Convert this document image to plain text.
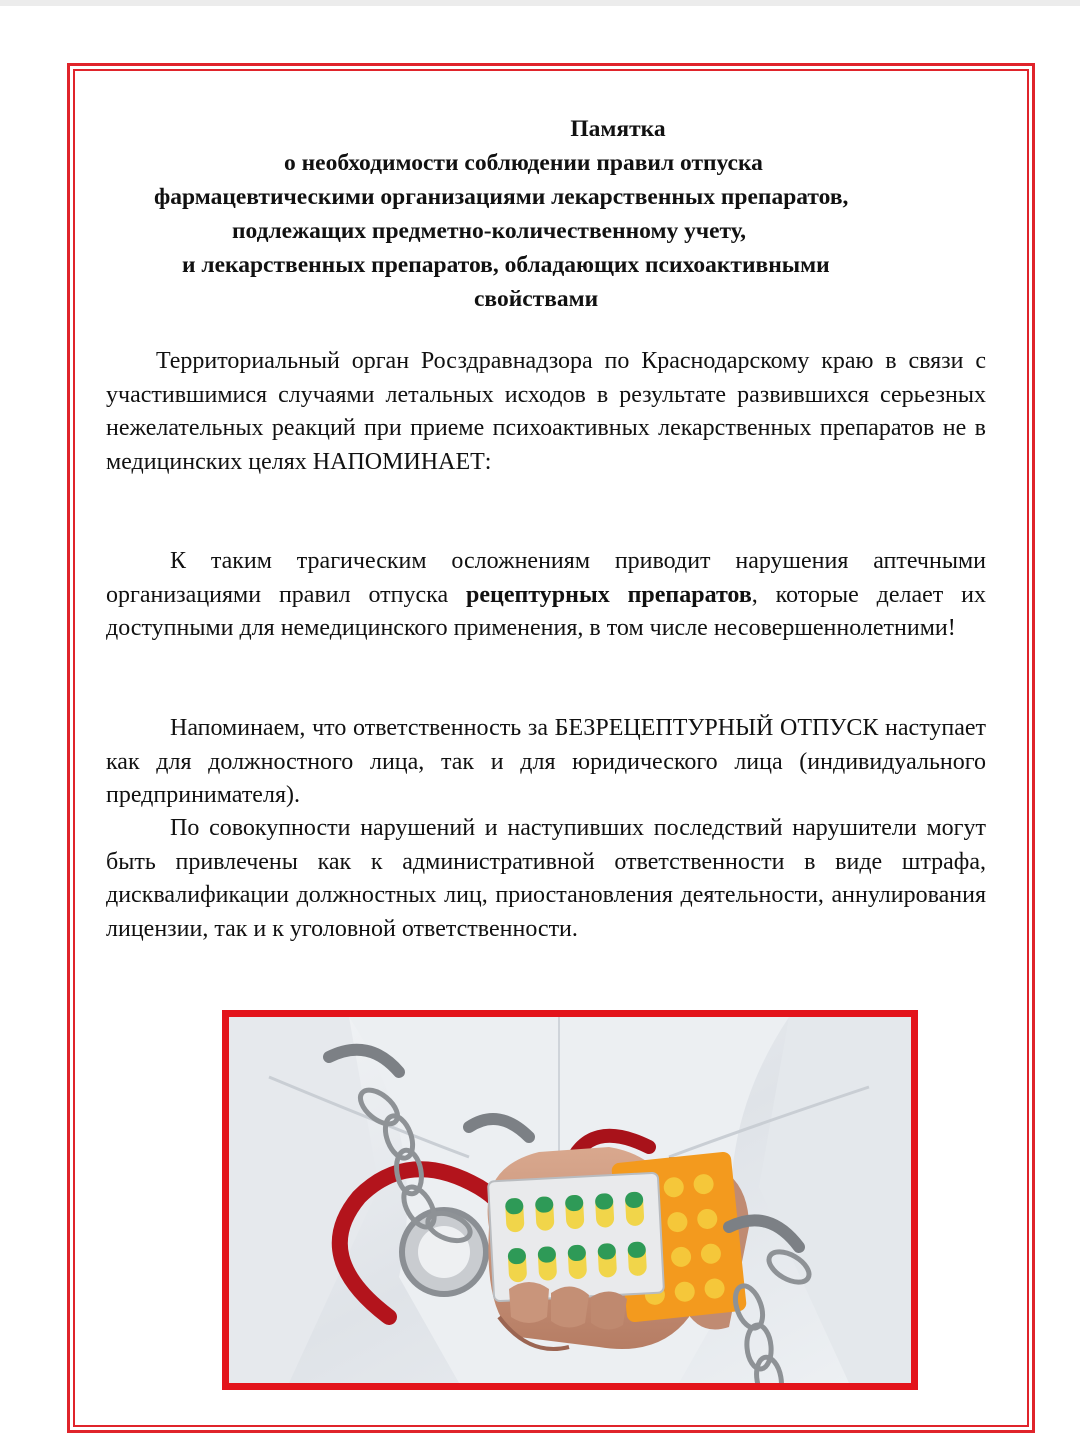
Памятка
о необходимости соблюдении правил отпуска
фармацевтическими организациями лекарственных препаратов,
подлежащих предметно-количественному учету,
и лекарственных препаратов, обладающих психоактивными
свойствами

Территориальный орган Росздравнадзора по Краснодарскому краю в связи с участившимися случаями летальных исходов в результате развившихся серьезных нежелательных реакций при приеме психоактивных лекарственных препаратов не в медицинских целях НАПОМИНАЕТ:

К таким трагическим осложнениям приводит нарушения аптечными организациями правил отпуска рецептурных препаратов, которые делает их доступными для немедицинского применения, в том числе несовершеннолетними!

Напоминаем, что ответственность за БЕЗРЕЦЕПТУРНЫЙ ОТПУСК наступает как для должностного лица, так и для юридического лица (индивидуального предпринимателя).

По совокупности нарушений и наступивших последствий нарушители могут быть привлечены как к административной ответственности в виде штрафа, дисквалификации должностных лиц, приостановления деятельности, аннулирования лицензии, так и к уголовной ответственности.
